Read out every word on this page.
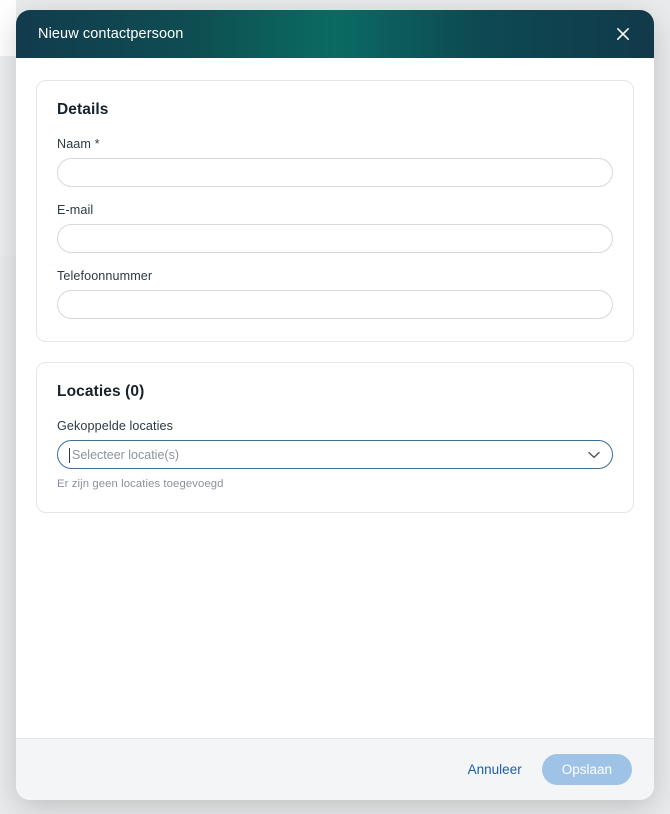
Nieuw contactpersoon
Details
Naam *
E-mail
Telefoonnummer
Locaties (0)
Gekoppelde locaties
Selecteer locatie(s)
Er zijn geen locaties toegevoegd
Annuleer	Opslaan
